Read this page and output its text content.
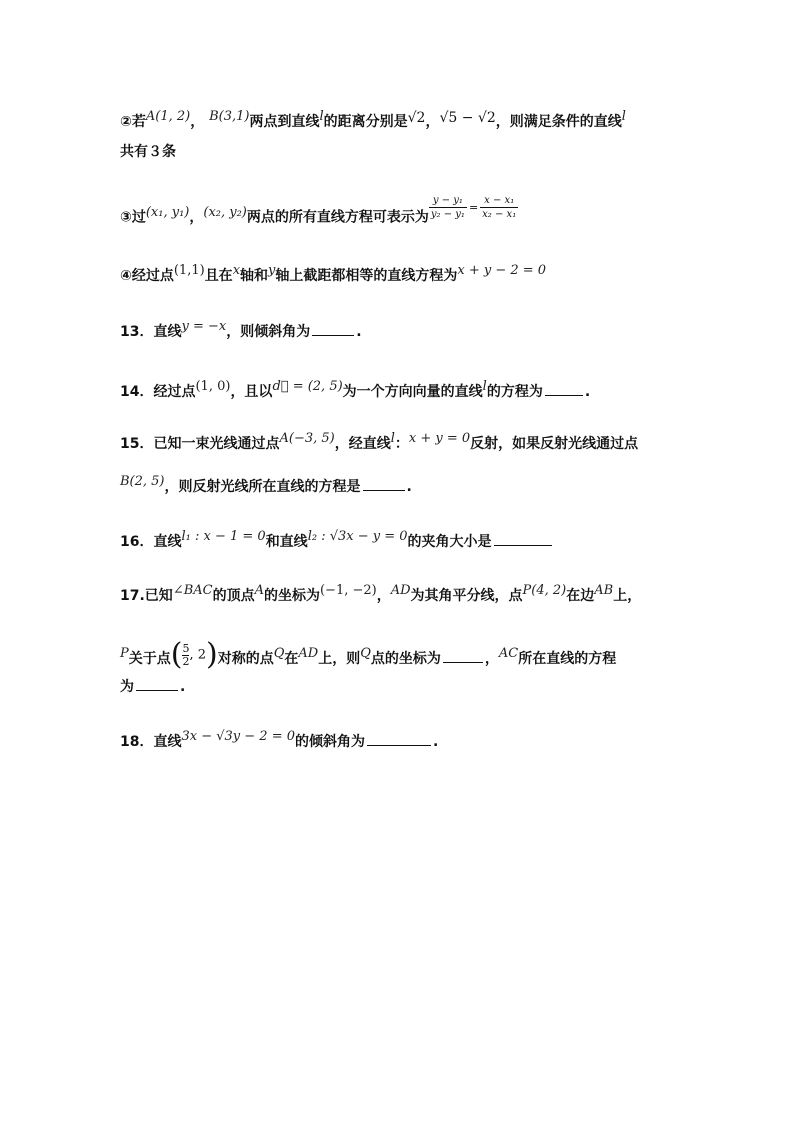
②若A(1, 2)， B(3,1)两点到直线l的距离分别是√2，√5 − √2，则满足条件的直线l
共有３条
③过(x₁, y₁)，(x₂, y₂)两点的所有直线方程可表示为 $\frac{\text{y − y₁}}{\text{y₂ − y₁}} = \frac{\text{x − x₁}}{\text{x₂ − x₁}}$
④经过点(1,1)且在x轴和y轴上截距都相等的直线方程为x + y − 2 = 0
13．直线y = −x，则倾斜角为	.
14．经过点(1, 0)，且以d⃗ = (2, 5)为一个方向向量的直线l的方程为	.
15．已知一束光线通过点A(−3, 5)，经直线l：x + y = 0反射，如果反射光线通过点
B(2, 5)，则反射光线所在直线的方程是	.
16．直线l₁ : x − 1 = 0和直线l₂ : √3x − y = 0的夹角大小是
17.已知∠BAC的顶点A的坐标为(−1, −2)，AD为其角平分线，点P(4, 2)在边AB上，
P关于点( $\frac{5}{2}$ , 2)对称的点Q在AD上，则Q点的坐标为	，AC所在直线的方程
为	.
18．直线3x − √3y − 2 = 0的倾斜角为	.
